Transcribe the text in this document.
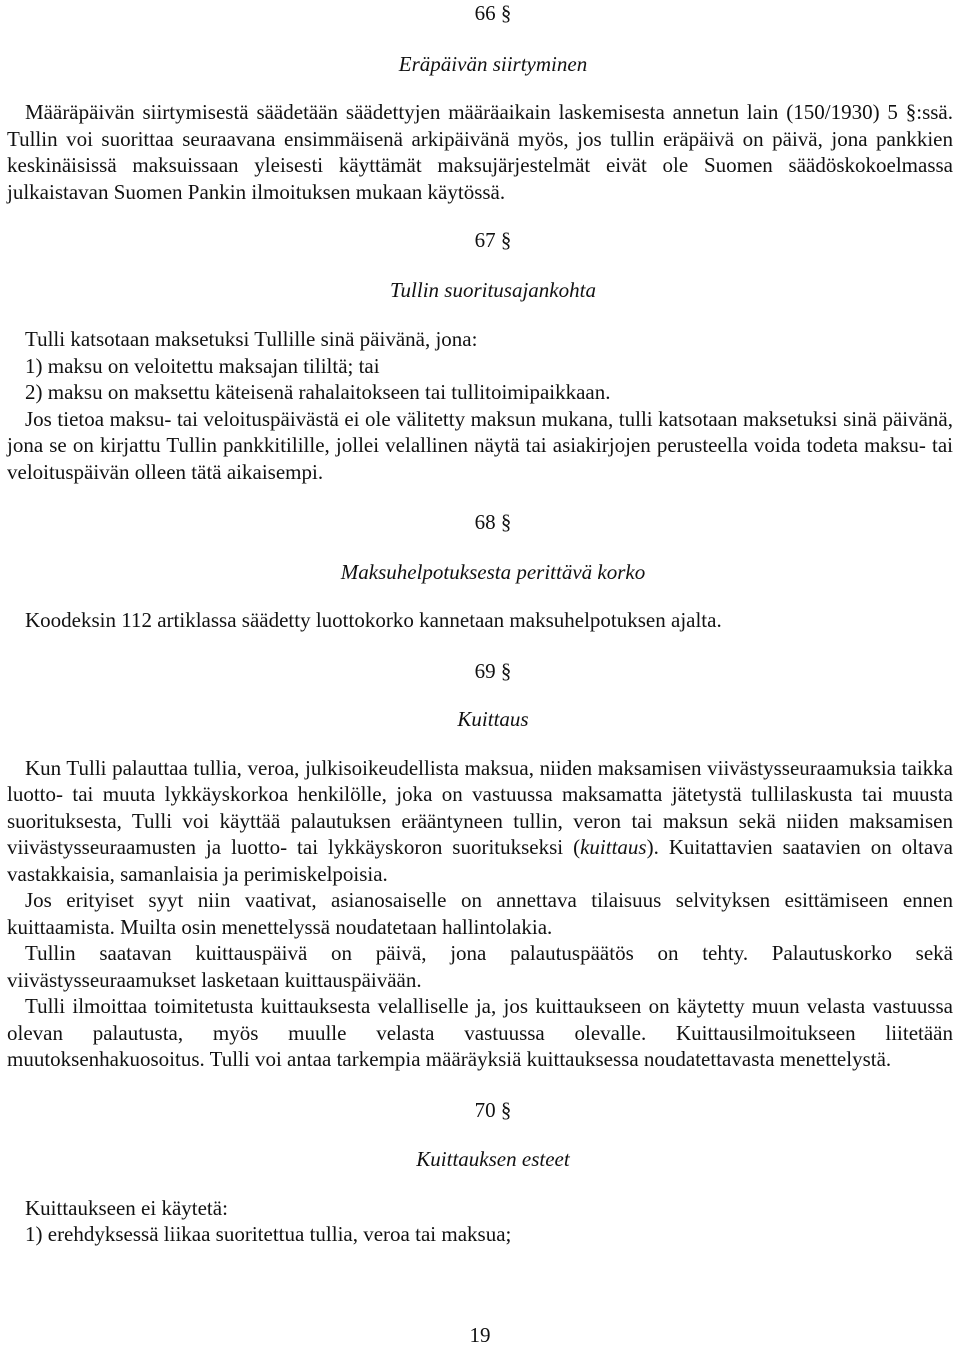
66 §
Eräpäivän siirtyminen

Määräpäivän siirtymisestä säädetään säädettyjen määräaikain laskemisesta annetun lain (150/1930) 5 §:ssä. Tullin voi suorittaa seuraavana ensimmäisenä arkipäivänä myös, jos tullin eräpäivä on päivä, jona pankkien keskinäisissä maksuissaan yleisesti käyttämät maksujärjestelmät eivät ole Suomen säädöskokoelmassa julkaistavan Suomen Pankin ilmoituksen mukaan käytössä.

67 §
Tullin suoritusajankohta

Tulli katsotaan maksetuksi Tullille sinä päivänä, jona:

1) maksu on veloitettu maksajan tililtä; tai

2) maksu on maksettu käteisenä rahalaitokseen tai tullitoimipaikkaan.

Jos tietoa maksu- tai veloituspäivästä ei ole välitetty maksun mukana, tulli katsotaan maksetuksi sinä päivänä, jona se on kirjattu Tullin pankkitilille, jollei velallinen näytä tai asiakirjojen perusteella voida todeta maksu- tai veloituspäivän olleen tätä aikaisempi.

68 §
Maksuhelpotuksesta perittävä korko

Koodeksin 112 artiklassa säädetty luottokorko kannetaan maksuhelpotuksen ajalta.

69 §
Kuittaus

Kun Tulli palauttaa tullia, veroa, julkisoikeudellista maksua, niiden maksamisen viivästysseuraamuksia taikka luotto- tai muuta lykkäyskorkoa henkilölle, joka on vastuussa maksamatta jätetystä tullilaskusta tai muusta suorituksesta, Tulli voi käyttää palautuksen erääntyneen tullin, veron tai maksun sekä niiden maksamisen viivästysseuraamusten ja luotto- tai lykkäyskoron suoritukseksi (kuittaus). Kuitattavien saatavien on oltava vastakkaisia, samanlaisia ja perimiskelpoisia.

Jos erityiset syyt niin vaativat, asianosaiselle on annettava tilaisuus selvityksen esittämiseen ennen kuittaamista. Muilta osin menettelyssä noudatetaan hallintolakia.

Tullin saatavan kuittauspäivä on päivä, jona palautuspäätös on tehty. Palautuskorko sekä viivästysseuraamukset lasketaan kuittauspäivään.

Tulli ilmoittaa toimitetusta kuittauksesta velalliselle ja, jos kuittaukseen on käytetty muun velasta vastuussa olevan palautusta, myös muulle velasta vastuussa olevalle. Kuittausilmoitukseen liitetään muutoksenhakuosoitus. Tulli voi antaa tarkempia määräyksiä kuittauksessa noudatettavasta menettelystä.

70 §
Kuittauksen esteet

Kuittaukseen ei käytetä:

1) erehdyksessä liikaa suoritettua tullia, veroa tai maksua;

19
